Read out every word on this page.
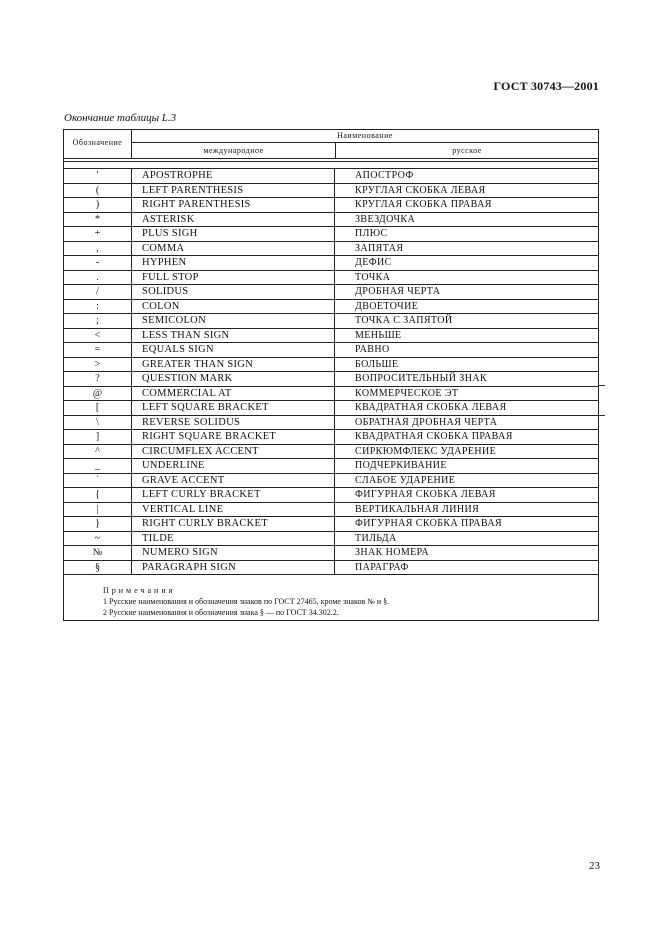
ГОСТ 30743—2001
Окончание таблицы L.3
Обозначение
Наименование
международное	русское
'	APOSTROPHE	АПОСТРОФ
(	LEFT PARENTHESIS	КРУГЛАЯ СКОБКА ЛЕВАЯ
)	RIGHT PARENTHESIS	КРУГЛАЯ СКОБКА ПРАВАЯ
*	ASTERISK	ЗВЕЗДОЧКА
+	PLUS SIGH	ПЛЮС
,	COMMA	ЗАПЯТАЯ
-	HYPHEN	ДЕФИС
.	FULL STOP	ТОЧКА
/	SOLIDUS	ДРОБНАЯ ЧЕРТА
:	COLON	ДВОЕТОЧИЕ
;	SEMICOLON	ТОЧКА С ЗАПЯТОЙ
<	LESS THAN SIGN	МЕНЬШЕ
=	EQUALS SIGN	РАВНО
>	GREATER THAN SIGN	БОЛЬШЕ
?	QUESTION MARK	ВОПРОСИТЕЛЬНЫЙ ЗНАК
@	COMMERCIAL AT	КОММЕРЧЕСКОЕ ЭТ
[	LEFT SQUARE BRACKET	КВАДРАТНАЯ СКОБКА ЛЕВАЯ
\	REVERSE SOLIDUS	ОБРАТНАЯ ДРОБНАЯ ЧЕРТА
]	RIGHT SQUARE BRACKET	КВАДРАТНАЯ СКОБКА ПРАВАЯ
^	CIRCUMFLEX ACCENT	СИРКЮМФЛЕКС УДАРЕНИЕ
_	UNDERLINE	ПОДЧЕРКИВАНИЕ
`	GRAVE ACCENT	СЛАБОЕ УДАРЕНИЕ
{	LEFT CURLY BRACKET	ФИГУРНАЯ СКОБКА ЛЕВАЯ
|	VERTICAL LINE	ВЕРТИКАЛЬНАЯ ЛИНИЯ
}	RIGHT CURLY BRACKET	ФИГУРНАЯ СКОБКА ПРАВАЯ
~	TILDE	ТИЛЬДА
№	NUMERO SIGN	ЗНАК НОМЕРА
§	PARAGRAPH SIGN	ПАРАГРАФ
Примечания
1 Русские наименования и обозначения знаков по ГОСТ 27465, кроме знаков № и §.
2 Русские наименования и обозначения знака § — по ГОСТ 34.302.2.
23
